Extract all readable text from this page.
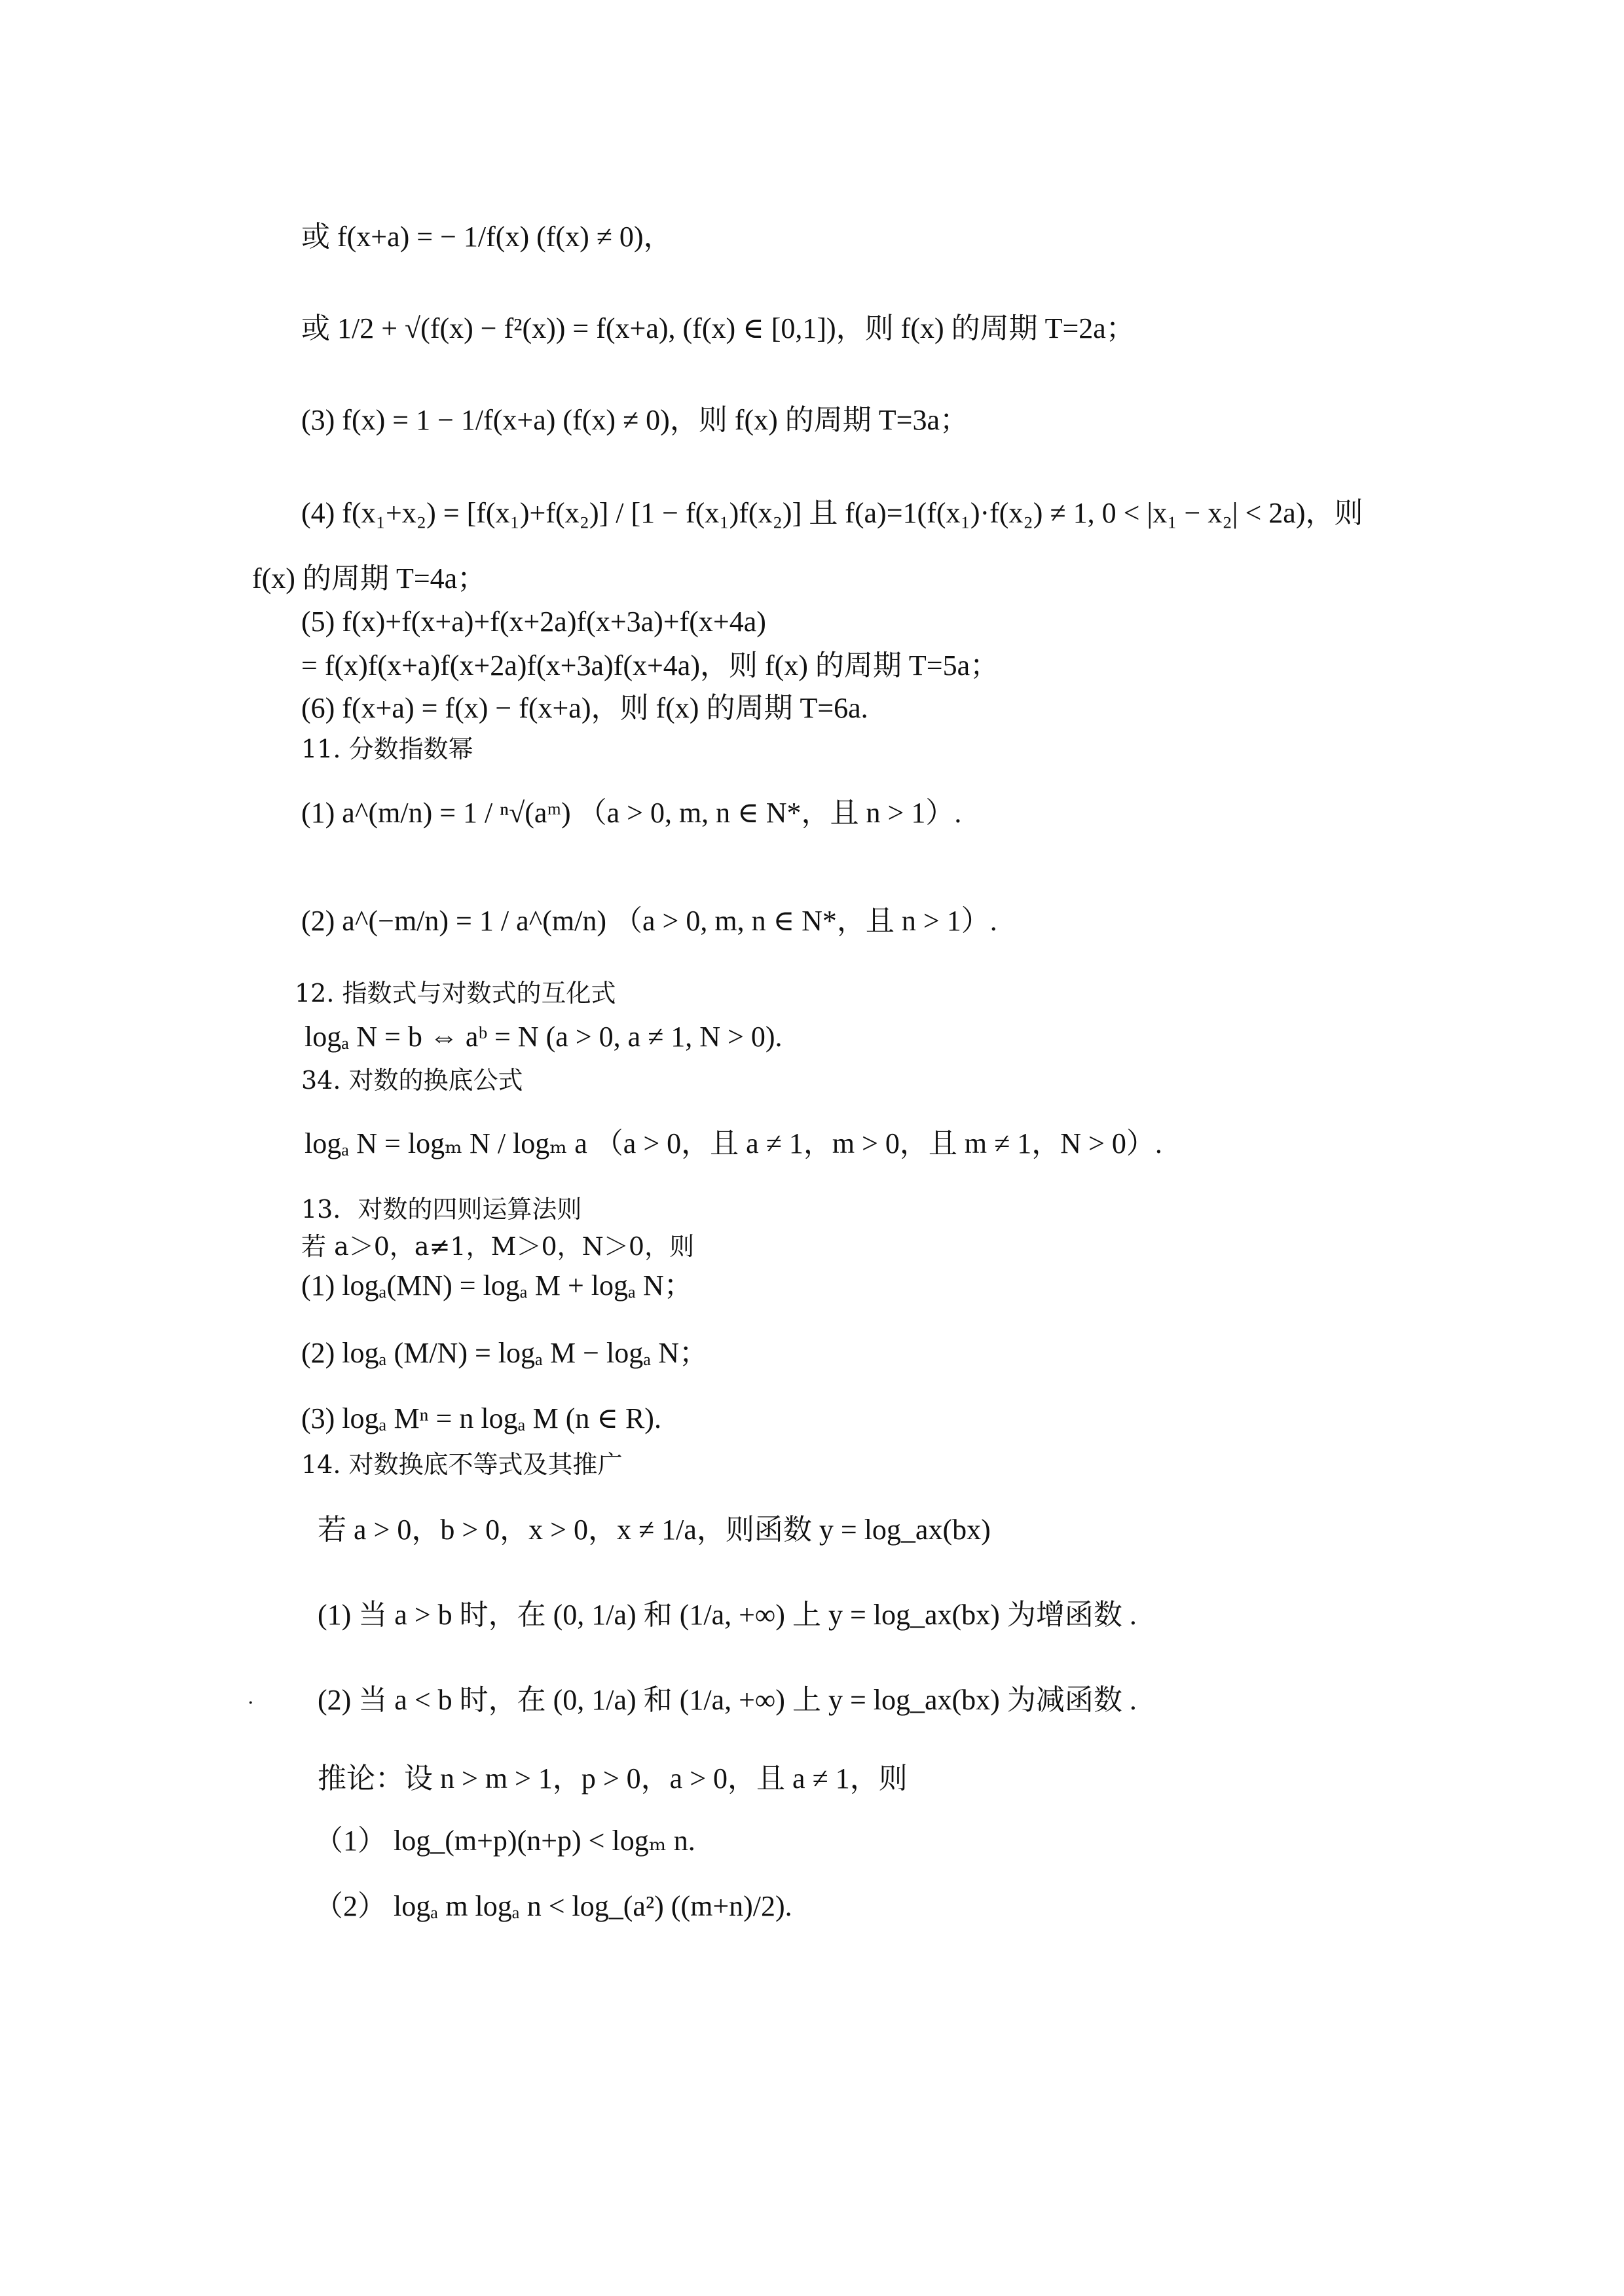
或 f(x+a) = − 1/f(x) (f(x) ≠ 0)，
或 1/2 + √(f(x) − f²(x)) = f(x+a), (f(x) ∈ [0,1])，则 f(x) 的周期 T=2a；
(3) f(x) = 1 − 1/f(x+a) (f(x) ≠ 0)，则 f(x) 的周期 T=3a；
(4) f(x₁+x₂) = [f(x₁)+f(x₂)] / [1 − f(x₁)f(x₂)] 且 f(a)=1(f(x₁)·f(x₂) ≠ 1, 0 < |x₁ − x₂| < 2a)，则
f(x) 的周期 T=4a；
(5) f(x)+f(x+a)+f(x+2a)f(x+3a)+f(x+4a)
= f(x)f(x+a)f(x+2a)f(x+3a)f(x+4a)，则 f(x) 的周期 T=5a；
(6) f(x+a) = f(x) − f(x+a)，则 f(x) 的周期 T=6a.
11. 分数指数幂
(1) a^(m/n) = 1 / ⁿ√(aᵐ) （a > 0, m, n ∈ N*，且 n > 1）.
(2) a^(−m/n) = 1 / a^(m/n) （a > 0, m, n ∈ N*，且 n > 1）.
12. 指数式与对数式的互化式
logₐ N = b ⇔ aᵇ = N (a > 0, a ≠ 1, N > 0).
34. 对数的换底公式
logₐ N = logₘ N / logₘ a （a > 0，且 a ≠ 1，m > 0，且 m ≠ 1，N > 0）.
13．对数的四则运算法则
若 a＞0，a≠1，M＞0，N＞0，则
(1) logₐ(MN) = logₐ M + logₐ N；
(2) logₐ (M/N) = logₐ M − logₐ N；
(3) logₐ Mⁿ = n logₐ M (n ∈ R).
14. 对数换底不等式及其推广
若 a > 0，b > 0，x > 0，x ≠ 1/a，则函数 y = log_ax(bx)
(1) 当 a > b 时，在 (0, 1/a) 和 (1/a, +∞) 上 y = log_ax(bx) 为增函数 .
(2) 当 a < b 时，在 (0, 1/a) 和 (1/a, +∞) 上 y = log_ax(bx) 为减函数 .
.
推论：设 n > m > 1，p > 0，a > 0，且 a ≠ 1，则
（1） log_(m+p)(n+p) < logₘ n.
（2） logₐ m logₐ n < log_(a²) ((m+n)/2).
